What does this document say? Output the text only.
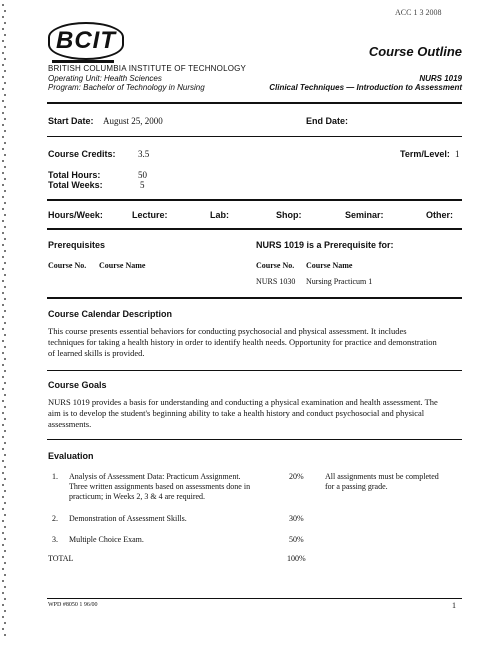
ACC 1 3 2008
BCIT
BRITISH COLUMBIA INSTITUTE OF TECHNOLOGY
Operating Unit: Health Sciences
Program: Bachelor of Technology in Nursing
Course Outline
NURS 1019
Clinical Techniques — Introduction to Assessment
Start Date: August 25, 2000	End Date:
Course Credits: 3.5	Term/Level: 1
Total Hours:	50
Total Weeks:	5
Hours/Week:	Lecture:	Lab:	Shop:	Seminar:	Other:
Prerequisites
Course No. Course Name
NURS 1019 is a Prerequisite for:
Course No. Course Name
NURS 1030 Nursing Practicum 1
Course Calendar Description
This course presents essential behaviors for conducting psychosocial and physical assessment. It includes
techniques for taking a health history in order to identify health needs. Opportunity for practice and demonstration
of learned skills is provided.
Course Goals
NURS 1019 provides a basis for understanding and conducting a physical examination and health assessment. The
aim is to develop the student's beginning ability to take a health history and conduct psychosocial and physical
assessments.
Evaluation
1. Analysis of Assessment Data: Practicum Assignment.
Three written assignments based on assessments done in
practicum; in Weeks 2, 3 & 4 are required.
20%	All assignments must be completed
for a passing grade.
2. Demonstration of Assessment Skills.	30%
3. Multiple Choice Exam.	50%
TOTAL	100%
WPD #8050 1 96/00	1
